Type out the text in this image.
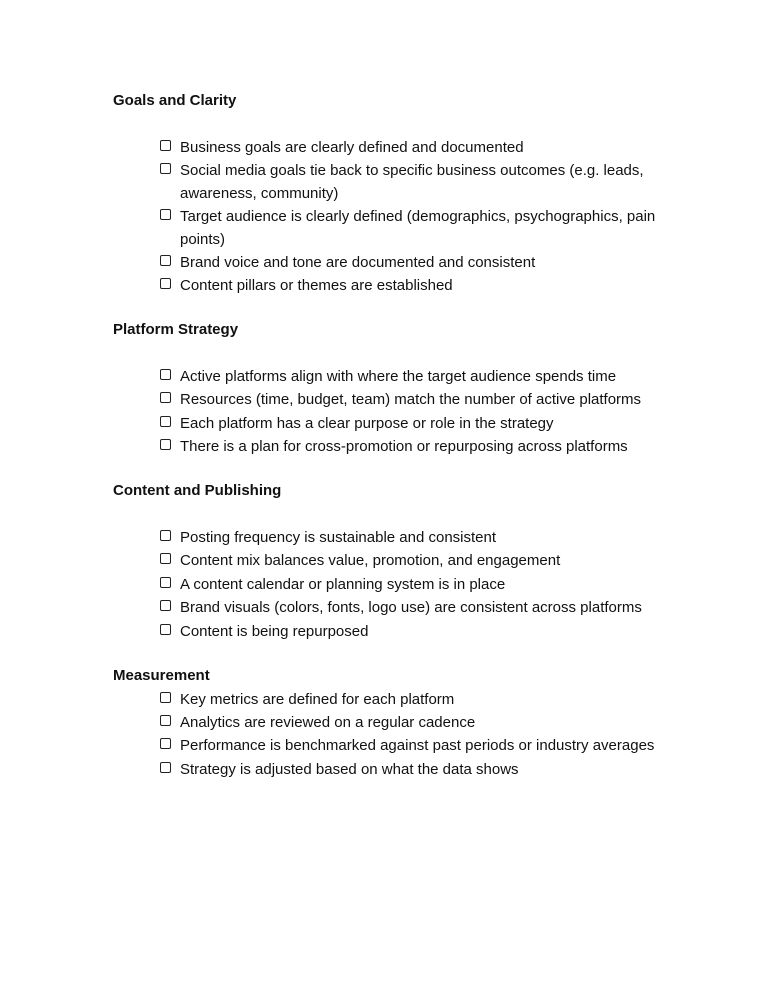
Goals and Clarity
Business goals are clearly defined and documented
Social media goals tie back to specific business outcomes (e.g. leads, awareness, community)
Target audience is clearly defined (demographics, psychographics, pain points)
Brand voice and tone are documented and consistent
Content pillars or themes are established
Platform Strategy
Active platforms align with where the target audience spends time
Resources (time, budget, team) match the number of active platforms
Each platform has a clear purpose or role in the strategy
There is a plan for cross-promotion or repurposing across platforms
Content and Publishing
Posting frequency is sustainable and consistent
Content mix balances value, promotion, and engagement
A content calendar or planning system is in place
Brand visuals (colors, fonts, logo use) are consistent across platforms
Content is being repurposed
Measurement
Key metrics are defined for each platform
Analytics are reviewed on a regular cadence
Performance is benchmarked against past periods or industry averages
Strategy is adjusted based on what the data shows
